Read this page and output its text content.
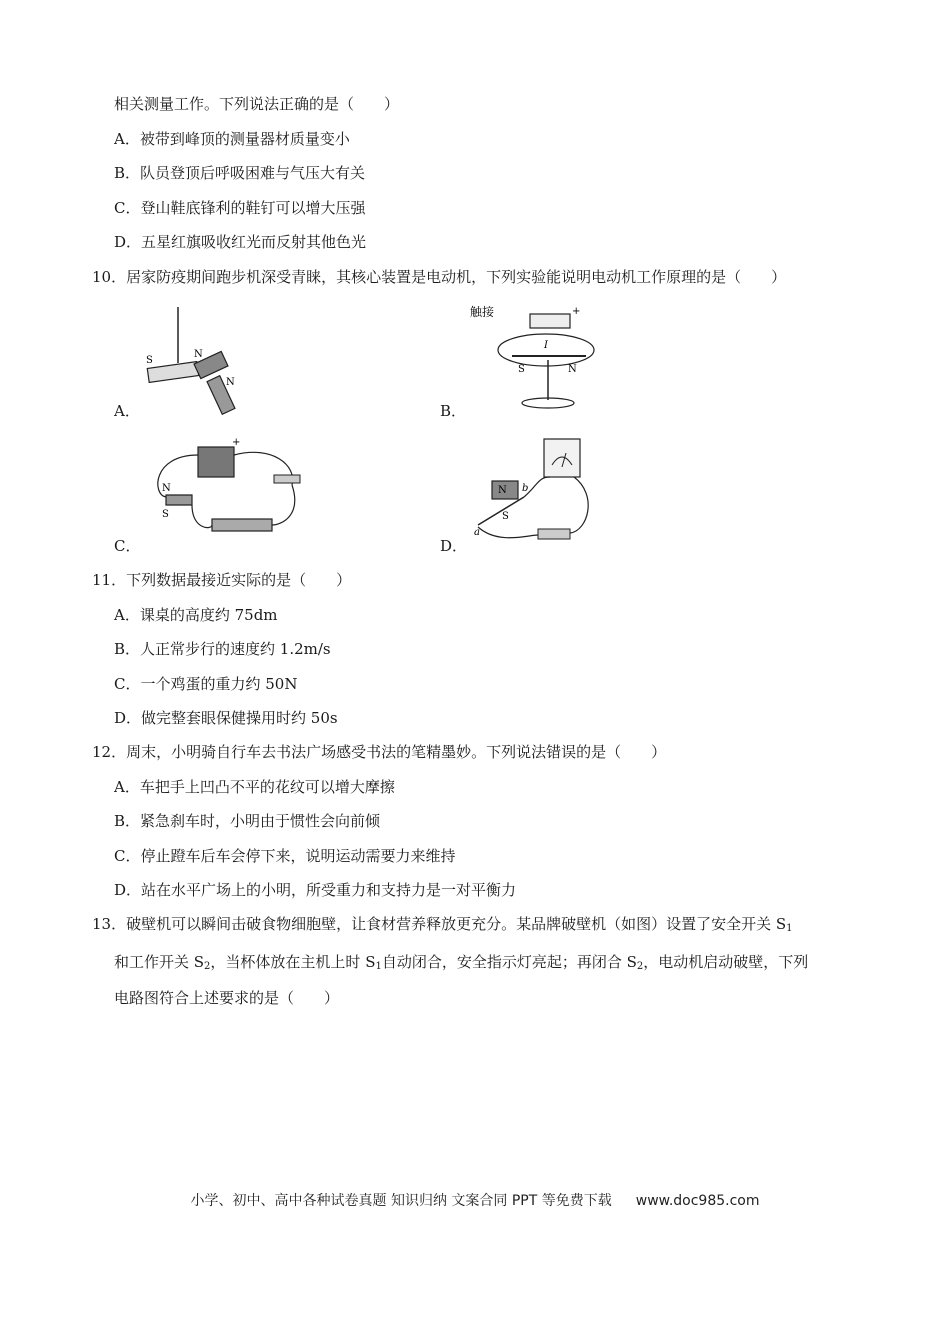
相关测量工作。下列说法正确的是（　　）
A．被带到峰顶的测量器材质量变小
B．队员登顶后呼吸困难与气压大有关
C．登山鞋底锋利的鞋钉可以增大压强
D．五星红旗吸收红光而反射其他色光
10．居家防疫期间跑步机深受青睐，其核心装置是电动机，下列实验能说明电动机工作原理的是（　　）
S
N
N
A．
触接	+
I
S	N
B．
+
N
S
C．
N
S
b
a
D．
11．下列数据最接近实际的是（　　）
A．课桌的高度约 75dm
B．人正常步行的速度约 1.2m/s
C．一个鸡蛋的重力约 50N
D．做完整套眼保健操用时约 50s
12．周末，小明骑自行车去书法广场感受书法的笔精墨妙。下列说法错误的是（　　）
A．车把手上凹凸不平的花纹可以增大摩擦
B．紧急刹车时，小明由于惯性会向前倾
C．停止蹬车后车会停下来，说明运动需要力来维持
D．站在水平广场上的小明，所受重力和支持力是一对平衡力
13．破壁机可以瞬间击破食物细胞壁，让食材营养释放更充分。某品牌破壁机（如图）设置了安全开关 $S_1$
和工作开关 $S_2$，当杯体放在主机上时 $S_1$自动闭合，安全指示灯亮起；再闭合 $S_2$，电动机启动破壁，下列
电路图符合上述要求的是（　　）
小学、初中、高中各种试卷真题 知识归纳 文案合同 PPT 等免费下载 www.doc985.com
